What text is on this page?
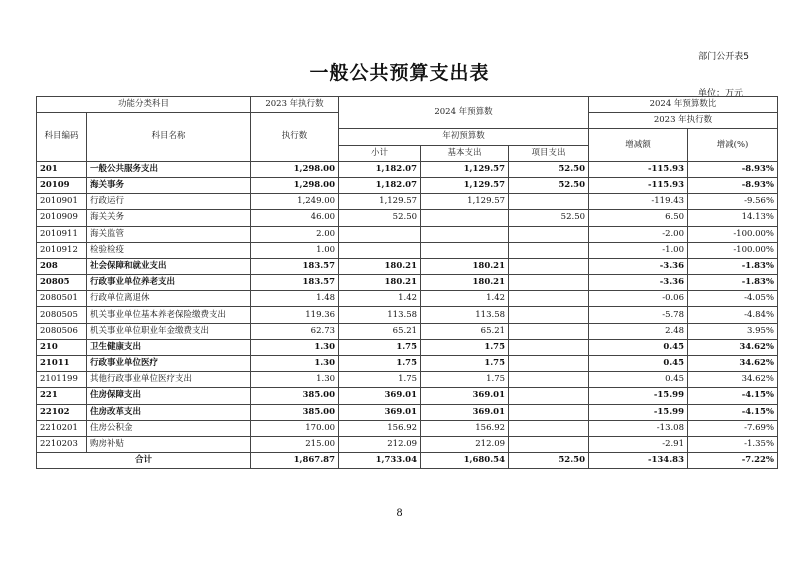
部门公开表5
一般公共预算支出表
单位：万元
功能分类科目		2023 年执行数	2024 年预算数			2024 年预算数比	
科目编码	科目名称	执行数				2023 年执行数	
			年初预算数			增减额	增减(%)
			小计	基本支出	项目支出		
201	一般公共服务支出	1,298.00	1,182.07	1,129.57	52.50	-115.93	-8.93%
20109	海关事务	1,298.00	1,182.07	1,129.57	52.50	-115.93	-8.93%
2010901	行政运行	1,249.00	1,129.57	1,129.57		-119.43	-9.56%
2010909	海关关务	46.00	52.50		52.50	6.50	14.13%
2010911	海关监管	2.00				-2.00	-100.00%
2010912	检验检疫	1.00				-1.00	-100.00%
208	社会保障和就业支出	183.57	180.21	180.21		-3.36	-1.83%
20805	行政事业单位养老支出	183.57	180.21	180.21		-3.36	-1.83%
2080501	行政单位离退休	1.48	1.42	1.42		-0.06	-4.05%
2080505	机关事业单位基本养老保险缴费支出	119.36	113.58	113.58		-5.78	-4.84%
2080506	机关事业单位职业年金缴费支出	62.73	65.21	65.21		2.48	3.95%
210	卫生健康支出	1.30	1.75	1.75		0.45	34.62%
21011	行政事业单位医疗	1.30	1.75	1.75		0.45	34.62%
2101199	其他行政事业单位医疗支出	1.30	1.75	1.75		0.45	34.62%
221	住房保障支出	385.00	369.01	369.01		-15.99	-4.15%
22102	住房改革支出	385.00	369.01	369.01		-15.99	-4.15%
2210201	住房公积金	170.00	156.92	156.92		-13.08	-7.69%
2210203	购房补贴	215.00	212.09	212.09		-2.91	-1.35%
合计		1,867.87	1,733.04	1,680.54	52.50	-134.83	-7.22%
8
